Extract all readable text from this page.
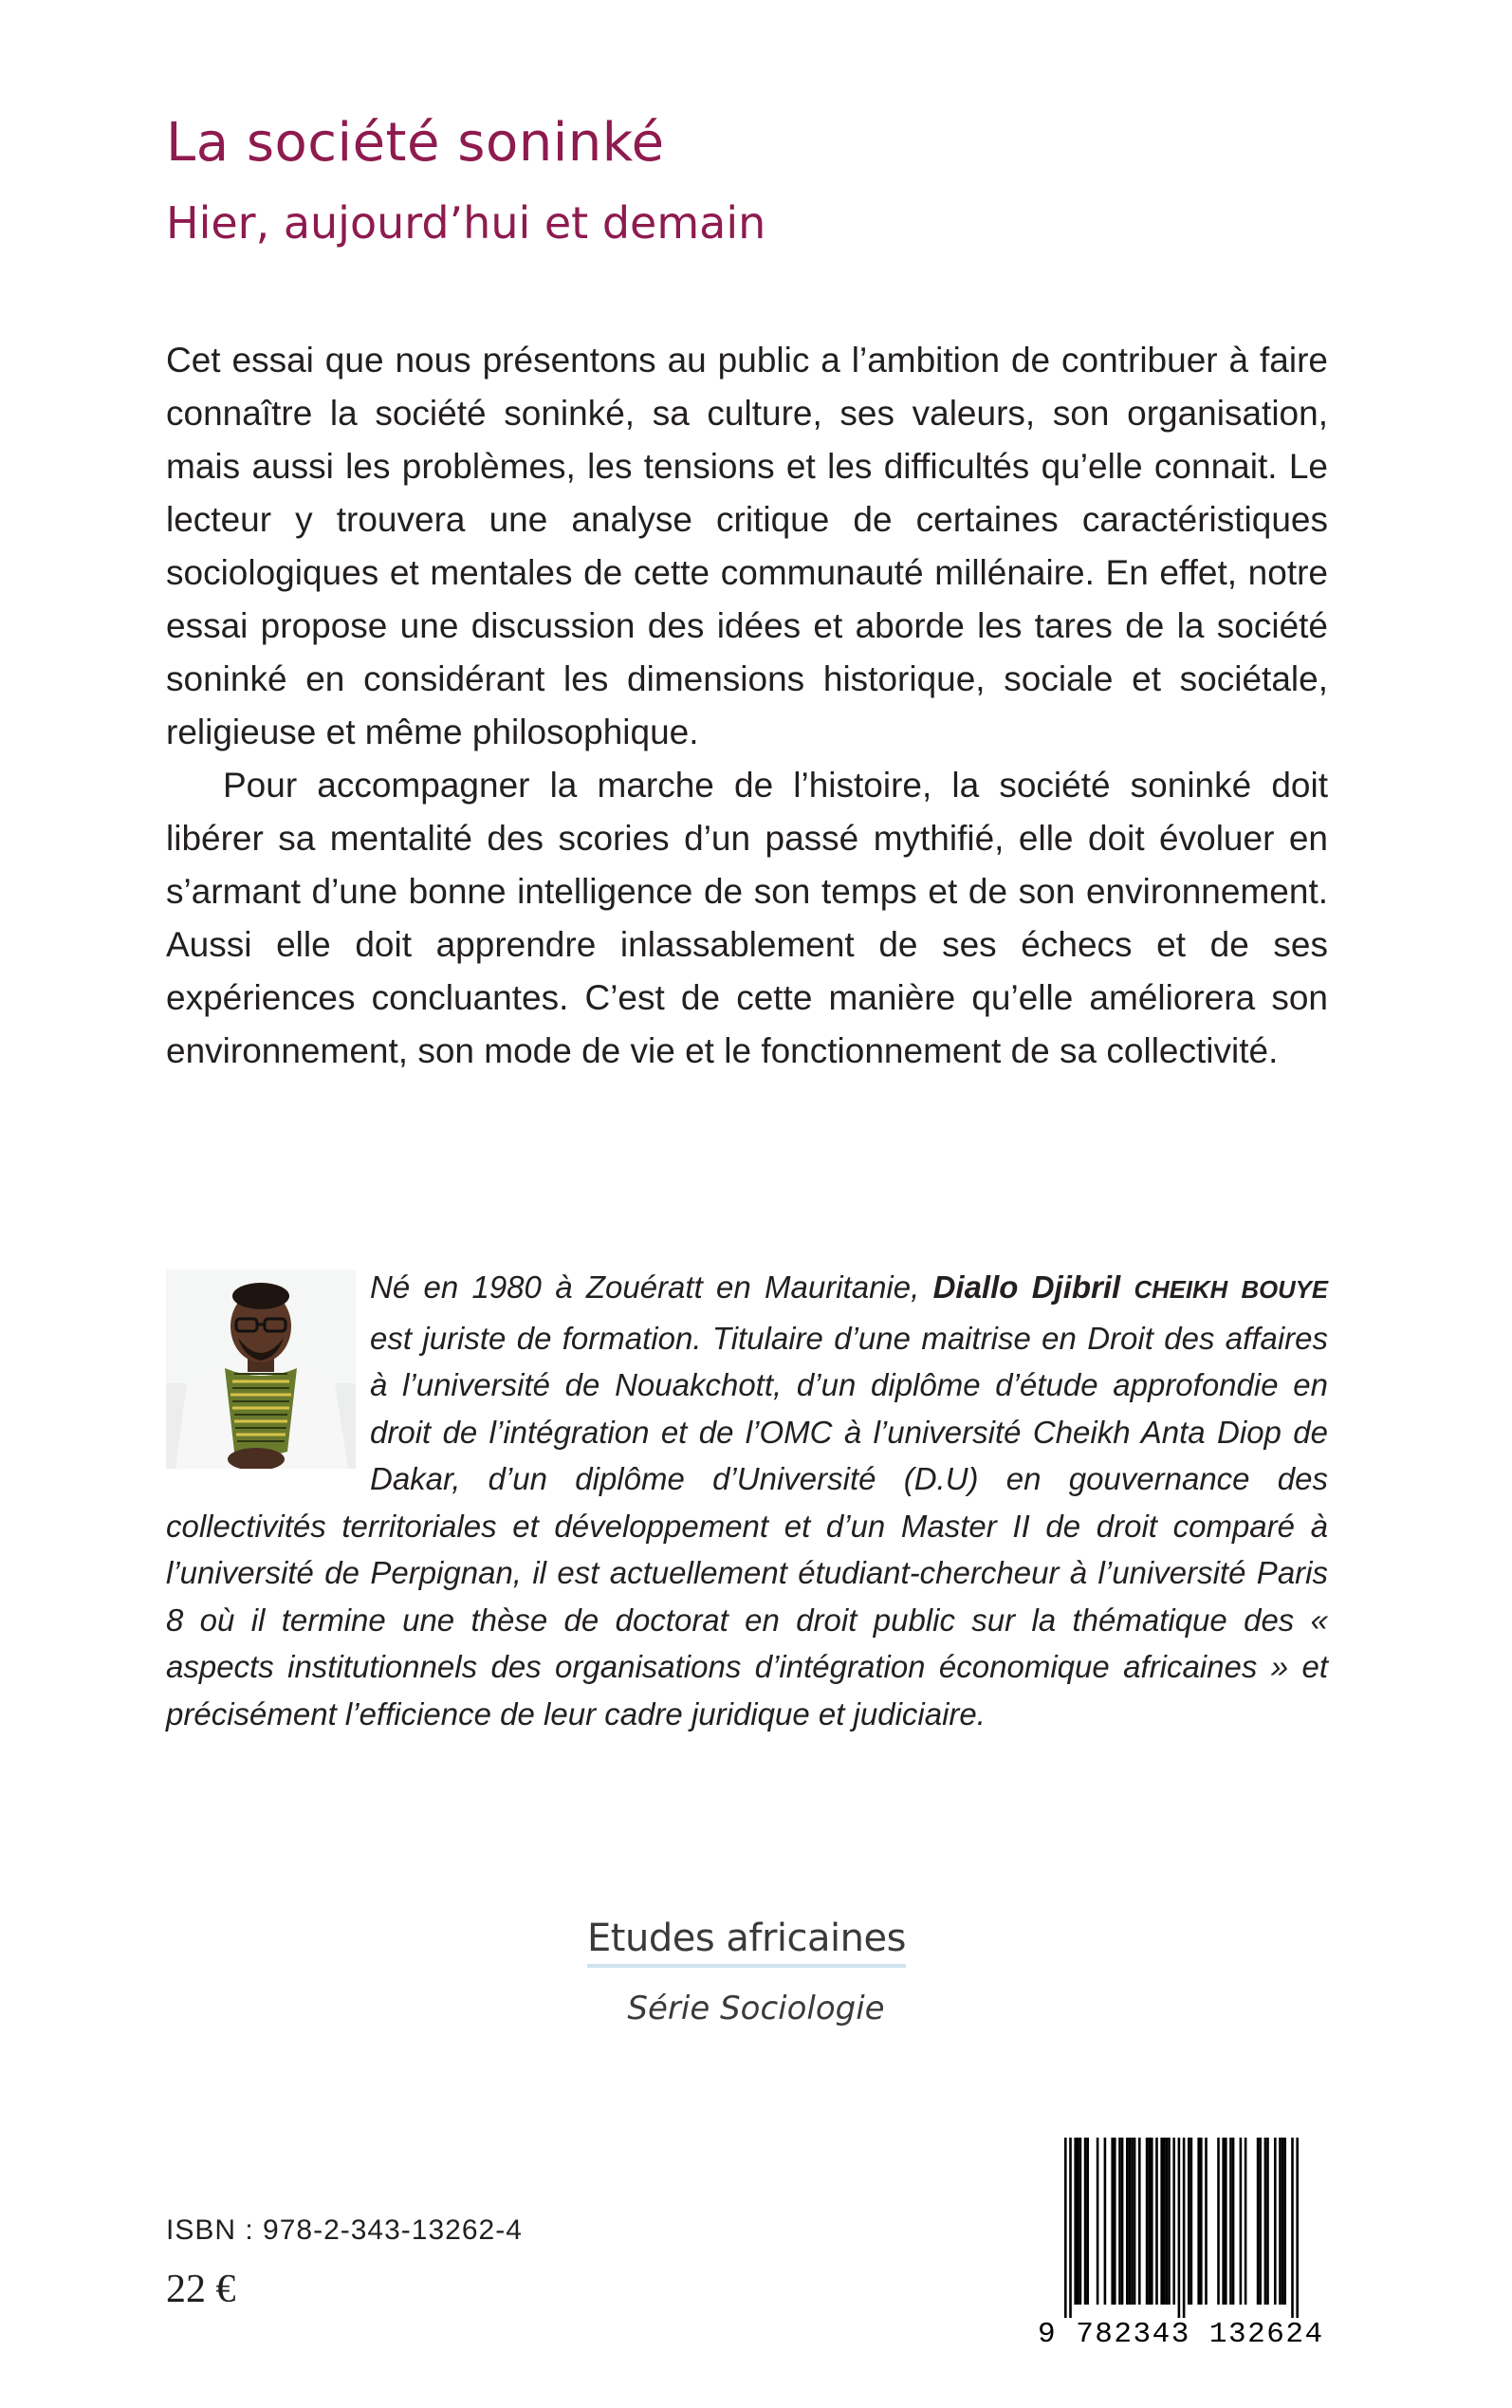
La société soninké
Hier, aujourd’hui et demain

Cet essai que nous présentons au public a l’ambition de contribuer à faire connaître la société soninké, sa culture, ses valeurs, son organisation, mais aussi les problèmes, les tensions et les difficultés qu’elle connait. Le lecteur y trouvera une analyse critique de certaines caractéristiques sociologiques et mentales de cette communauté millénaire. En effet, notre essai propose une discussion des idées et aborde les tares de la société soninké en considérant les dimensions historique, sociale et sociétale, religieuse et même philosophique.

Pour accompagner la marche de l’histoire, la société soninké doit libérer sa mentalité des scories d’un passé mythifié, elle doit évoluer en s’armant d’une bonne intelligence de son temps et de son environnement. Aussi elle doit apprendre inlassablement de ses échecs et de ses expériences concluantes. C’est de cette manière qu’elle améliorera son environnement, son mode de vie et le fonctionnement de sa collectivité.

Né en 1980 à Zouératt en Mauritanie, Diallo Djibril CHEIKH BOUYE est juriste de formation. Titulaire d’une maitrise en Droit des affaires à l’université de Nouakchott, d’un diplôme d’étude approfondie en droit de l’intégration et de l’OMC à l’université Cheikh Anta Diop de Dakar, d’un diplôme d’Université (D.U) en gouvernance des collectivités territoriales et développement et d’un Master II de droit comparé à l’université de Perpignan, il est actuellement étudiant-chercheur à l’université Paris 8 où il termine une thèse de doctorat en droit public sur la thématique des « aspects institutionnels des organisations d’intégration économique africaines » et précisément l’efficience de leur cadre juridique et judiciaire.
Etudes africaines
Série Sociologie
ISBN : 978-2-343-13262-4
22 €
9 782343 132624
